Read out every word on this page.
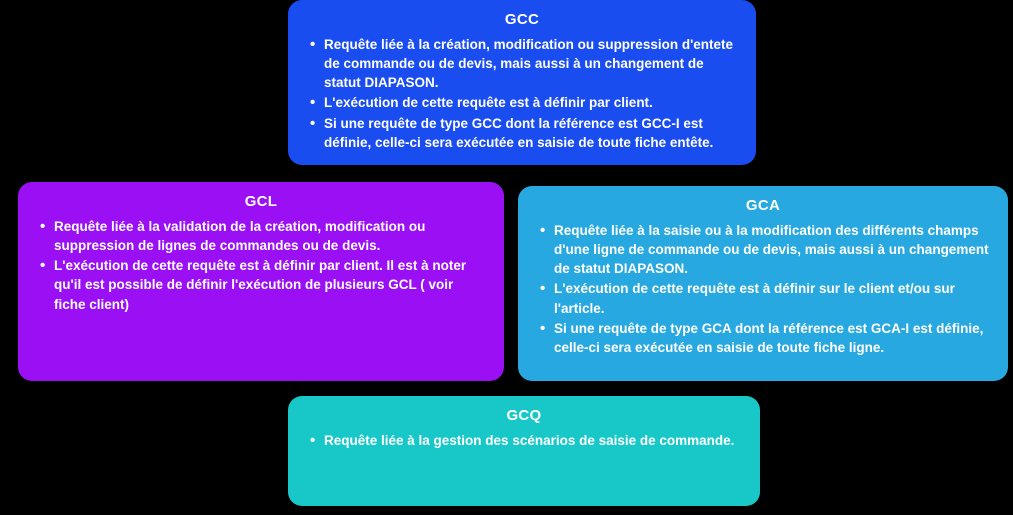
GCC
• Requête liée à la création, modification ou suppression d'entete de commande ou de devis, mais aussi à un changement de statut DIAPASON.
• L'exécution de cette requête est à définir par client.
• Si une requête de type GCC dont la référence est GCC-I est définie, celle-ci sera exécutée en saisie de toute fiche entête.
GCL
• Requête liée à la validation de la création, modification ou suppression de lignes de commandes ou de devis.
• L'exécution de cette requête est à définir par client. Il est à noter qu'il est possible de définir l'exécution de plusieurs GCL ( voir fiche client)
GCA
• Requête liée à la saisie ou à la modification des différents champs d'une ligne de commande ou de devis, mais aussi à un changement de statut DIAPASON.
• L'exécution de cette requête est à définir sur le client et/ou sur l'article.
• Si une requête de type GCA dont la référence est GCA-I est définie, celle-ci sera exécutée en saisie de toute fiche ligne.
GCQ
• Requête liée à la gestion des scénarios de saisie de commande.
